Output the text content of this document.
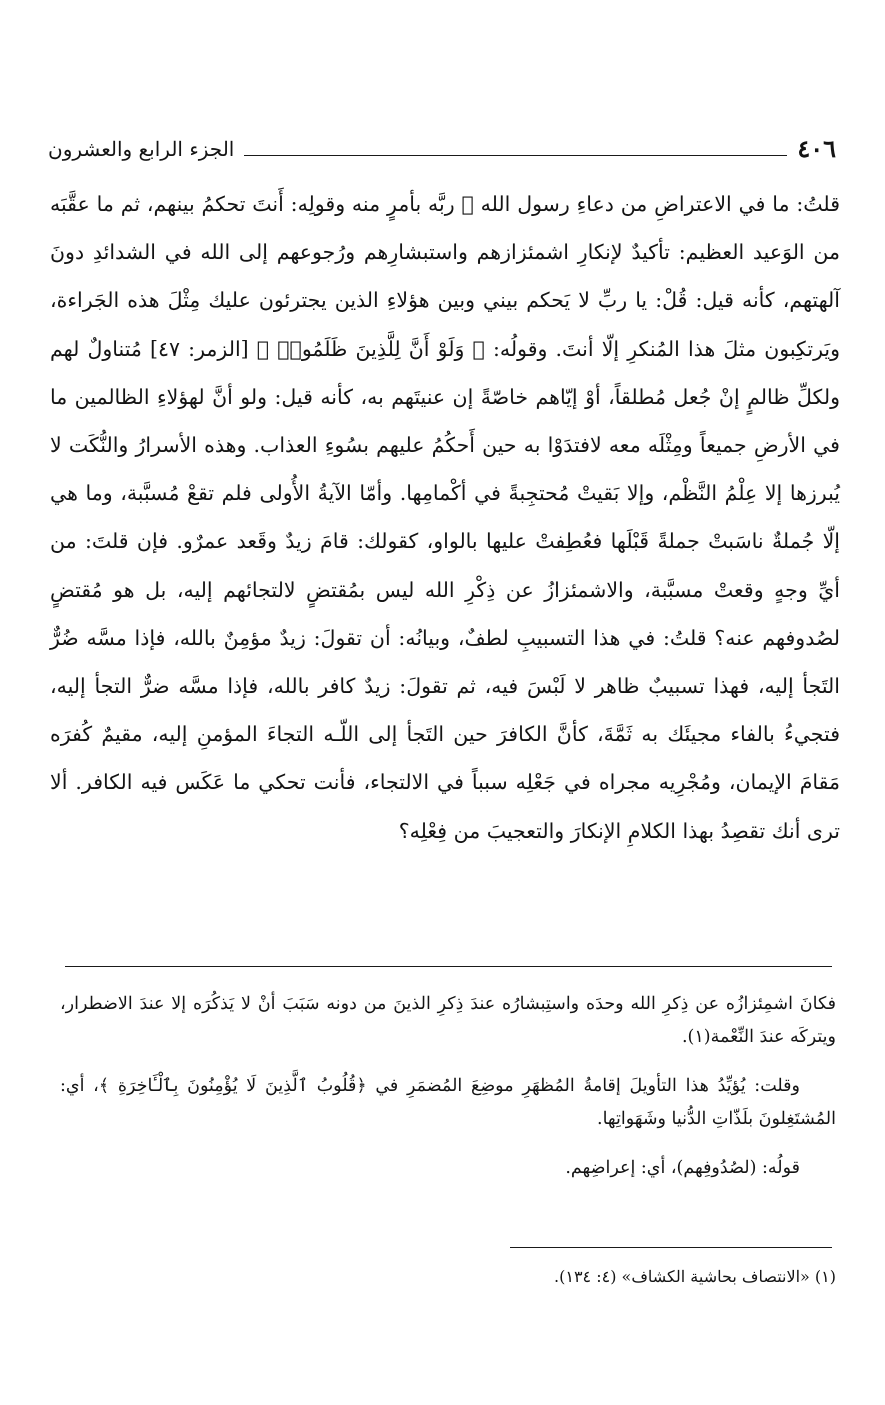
٤٠٦
الجزء الرابع والعشرون

قلتُ: ما في الاعتراضِ من دعاءِ رسول الله ﷺ ربَّه بأمرٍ منه وقولِه: أَنتَ تحكمُ بينهم، ثم ما عقَّبَه من الوَعيد العظيم: تأكيدٌ لإنكارِ اشمئزازهم واستبشارِهم ورُجوعهم إلى الله في الشدائدِ دونَ آلهتهم، كأنه قيل: قُلْ: يا ربِّ لا يَحكم بيني وبين هؤلاءِ الذين يجترئون عليك مِثْلَ هذه الجَراءة، ويَرتكِبون مثلَ هذا المُنكرِ إلّا أنتَ. وقولُه: ﴿ وَلَوْ أَنَّ لِلَّذِينَ ظَلَمُوا۟ ﴾ [الزمر: ٤٧] مُتناولٌ لهم ولكلِّ ظالمٍ إنْ جُعل مُطلقاً، أوْ إيّاهم خاصّةً إن عنيتَهم به، كأنه قيل: ولو أنَّ لهؤلاءِ الظالمين ما في الأرضِ جميعاً ومِثْلَه معه لافتدَوْا به حين أَحكُمُ عليهم بسُوءِ العذاب. وهذه الأسرارُ والنُّكَت لا يُبرزها إلا عِلْمُ النَّظْم، وإلا بَقيتْ مُحتجِبةً في أكْمامِها. وأمّا الآيةُ الأُولى فلم تقعْ مُسبَّبة، وما هي إلّا جُملةٌ ناسَبتْ جملةً قَبْلَها فعُطِفتْ عليها بالواو، كقولك: قامَ زيدٌ وقَعد عمرٌو. فإن قلتَ: من أيِّ وجهٍ وقعتْ مسبَّبة، والاشمئزازُ عن ذِكْرِ الله ليس بمُقتضٍ لالتجائهم إليه، بل هو مُقتضٍ لصُدوفهم عنه؟ قلتُ: في هذا التسبيبِ لطفٌ، وبيانُه: أن تقولَ: زيدٌ مؤمِنٌ بالله، فإذا مسَّه ضُرٌّ التَجأ إليه، فهذا تسبيبٌ ظاهر لا لَبْسَ فيه، ثم تقولَ: زيدٌ كافر بالله، فإذا مسَّه ضرٌّ التجأ إليه، فتجيءُ بالفاء مجيئَك به ثَمَّةَ، كأنَّ الكافرَ حين التَجأ إلى اللّـه التجاءَ المؤمنِ إليه، مقيمٌ كُفرَه مَقامَ الإيمان، ومُجْرِيه مجراه في جَعْلِه سبباً في الالتجاء، فأنت تحكي ما عَكَس فيه الكافر. ألا ترى أنك تقصِدُ بهذا الكلامِ الإنكارَ والتعجيبَ من فِعْلِه؟

فكانَ اشمِئزازُه عن ذِكرِ الله وحدَه واستِبشارُه عندَ ذِكرِ الذينَ من دونه سَبَبَ أنْ لا يَذكُرَه إلا عندَ الاضطرار، ويتركَه عندَ النِّعْمة(١).

وقلت: يُؤيِّدُ هذا التأويلَ إقامةُ المُظهَرِ موضِعَ المُضمَرِ في ﴿قُلُوبُ ٱلَّذِينَ لَا يُؤْمِنُونَ بِٱلْـَٔاخِرَةِ ﴾، أي: المُشتَغِلونَ بلَذّاتِ الدُّنيا وشَهَواتِها.

قولُه: (لصُدُوفِهم)، أي: إعراضِهم.

(١) «الانتصاف بحاشية الكشاف» (٤: ١٣٤).
